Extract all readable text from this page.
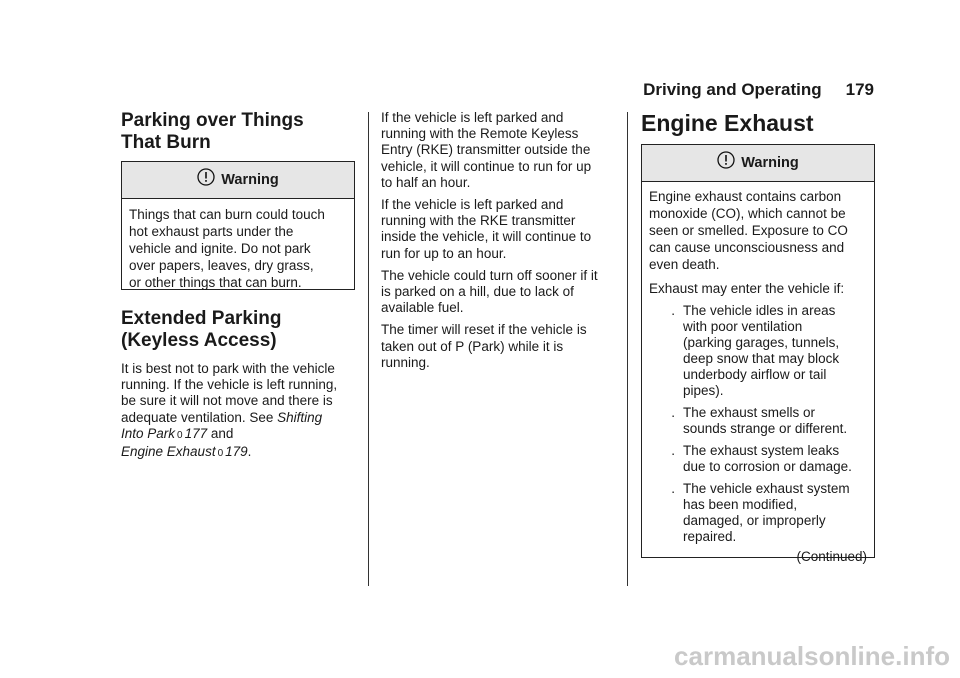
Driving and Operating 179
Parking over Things
That Burn
Warning

Things that can burn could touch

hot exhaust parts under the

vehicle and ignite. Do not park

over papers, leaves, dry grass,

or other things that can burn.

Extended Parking
(Keyless Access)

It is best not to park with the vehicle

running. If the vehicle is left running,

be sure it will not move and there is

adequate ventilation. See Shifting

Into Park 0 177 and

Engine Exhaust 0 179.

If the vehicle is left parked and

running with the Remote Keyless

Entry (RKE) transmitter outside the

vehicle, it will continue to run for up

to half an hour.

If the vehicle is left parked and

running with the RKE transmitter

inside the vehicle, it will continue to

run for up to an hour.

The vehicle could turn off sooner if it

is parked on a hill, due to lack of

available fuel.

The timer will reset if the vehicle is

taken out of P (Park) while it is

running.

Engine Exhaust
Warning

Engine exhaust contains carbon

monoxide (CO), which cannot be

seen or smelled. Exposure to CO

can cause unconsciousness and

even death.

Exhaust may enter the vehicle if:

. The vehicle idles in areas
with poor ventilation
(parking garages, tunnels,
deep snow that may block
underbody airflow or tail
pipes).
. The exhaust smells or
sounds strange or different.
. The exhaust system leaks
due to corrosion or damage.
. The vehicle exhaust system
has been modified,
damaged, or improperly
repaired.
(Continued)
carmanualsonline.info
